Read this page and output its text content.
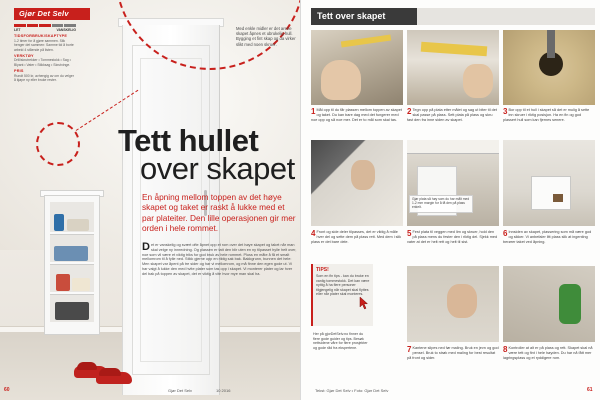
Gjør Det Selv
LET	VANSKELIG
TIDSFORBRUK/SKAPTYPE
1-2 timer for å gjøre sammen. Slik henger det sammen: Samme tid å borte arbeid 4 stående på listen.
VERKTØY
Drill/skrutrekker • Tommestokk • Sag • Blyant • Vater • Stikksag • Skrutvinge.
PRIS
Rundt 500 kr, avhengig av om du velger å kjøpe ny eller bruke rester.
Med enkle midler er det arene skapet åpnes et ubrukelig hull. Bygging et fint skap og da virker slikt med noen skruer.
Tett hullet
over skapet
En åpning mellom toppen av det høye skapet og taket er raskt å lukke med et par plateiter. Den lille operasjonen gir mer orden i hele rommet.
Det er vanskelig og svært ofte åpnet opp et rom over det høye skapet og taket når man skal velge ny innredning. Og plassen er tatt den blir uten en ny tilpasset hylle helt over, noe som vil være et viktig triks for god bruk av hele rommet. Pluss en måte å få et smalt mellomrom til å fylle ned. Stikk gjerne opp en riktig sak bak. Bakkgrunn, bunnen det hele: Men skapet var åpent på tre sider og har vi mellomrom, og må finne den egen gode ut. Vi har valgt å lukke den med hvite plater som tas opp i skapet. Vi monterer plater og lar hver del bak på toppen av skapet, det er viktig å vite hvor mye man skal ha.
60	Gjør Det Selv	10 2016
Tett over skapet
1 Mål opp til du får plassen mellom toppen av skapet og taket. Du kan bare dag med det fungerer med noe opp og så noe mer. Det er to mål som skal tas.
2 Tegn opp på plata etter målet og sag ut biter til det skal passe på plass. Sett plata på plass og skru fast den fra inne siden av skapet.
3 Bor opp til et hull i skapet så det er mulig å sette inn skruer i riktig posisjon. Ha en fin og god plassert hull som kan fjernes senere.
Gjør plata så høy som du har målt med 1-2 mm margin for å få den på plass enkelt.
4 Front og side deler tilpasses, det er viktig å måle hver del og sette dem på plass rett. Med dem i slik plass er det bare dele.
5 Fest plata til veggen med lim og skruer, hold den på plass mens du fester den i riktig del. Sjekk med vater at det er helt rett og helt til sist.
6 Innsiden av skapet, plassering som må være god og sikker. Vi anbefaler litt plass slik at ingenting berører taket ved åpning.
7 Kantene slipes ned før maling. Bruk en jevn og god pensel. Bruk to strøk med maling for best resultat på front og sider.
8 Kontroller at alt er på plass og rett. Skapet skal nå være tett og fint i hele høyden. Du har nå fått mer lagringsplass og et ryddigere rom.
TIPS!
Som en fin tips - kan du bruke en vanlig tommestokk. Det kan være nyttig å ha flere personer tilgjengelig når skapet skal flyttes eller når plater skal monteres.
Her på gjorDetSelv.no finner du flere gode guider og tips. Besøk nettsidene våre for flere prosjekter og gode råd fra ekspertene.
Tekst: Gjør Det Selv • Foto: Gjør Det Selv	61
